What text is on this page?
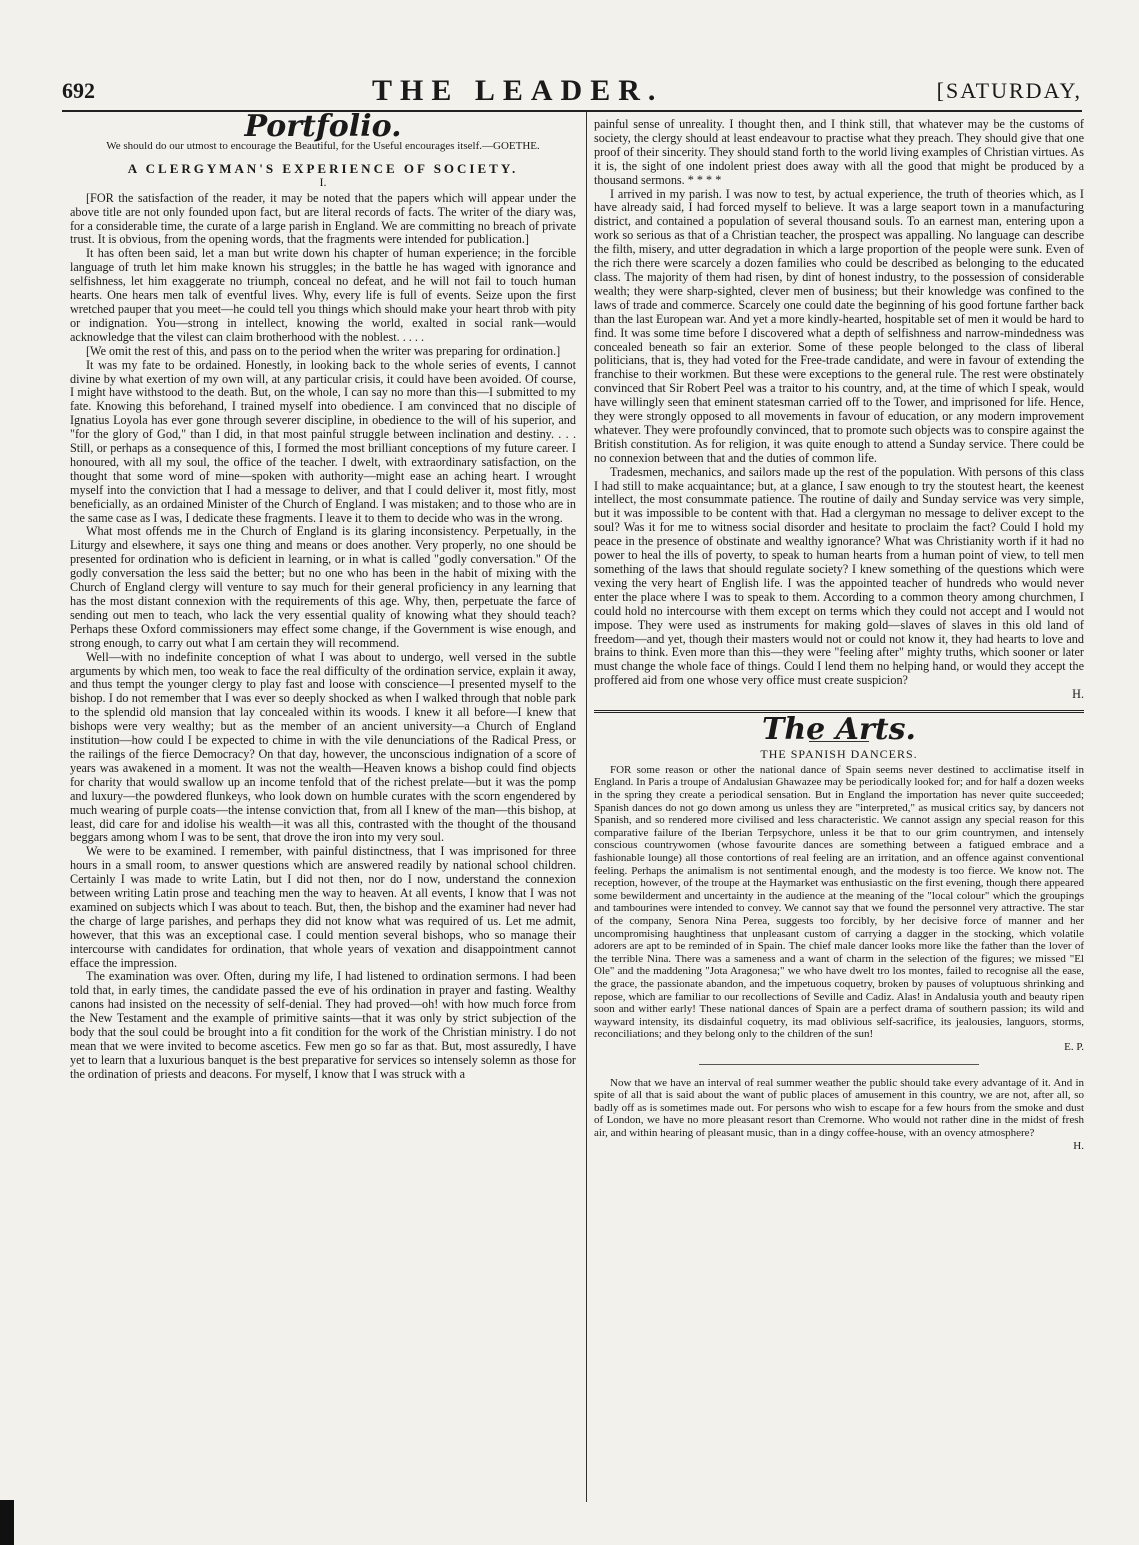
692	THE LEADER.	[SATURDAY,
Portfolio.
We should do our utmost to encourage the Beautiful, for the Useful encourages itself.—GOETHE.
A CLERGYMAN'S EXPERIENCE OF SOCIETY.
I.

[FOR the satisfaction of the reader, it may be noted that the papers which will appear under the above title are not only founded upon fact, but are literal records of facts. The writer of the diary was, for a considerable time, the curate of a large parish in England. We are committing no breach of private trust. It is obvious, from the opening words, that the fragments were intended for publication.]

It has often been said, let a man but write down his chapter of human experience; in the forcible language of truth let him make known his struggles; in the battle he has waged with ignorance and selfishness, let him exaggerate no triumph, conceal no defeat, and he will not fail to touch human hearts. One hears men talk of eventful lives. Why, every life is full of events. Seize upon the first wretched pauper that you meet—he could tell you things which should make your heart throb with pity or indignation. You—strong in intellect, knowing the world, exalted in social rank—would acknowledge that the vilest can claim brotherhood with the noblest. . . . .

[We omit the rest of this, and pass on to the period when the writer was preparing for ordination.]

It was my fate to be ordained. Honestly, in looking back to the whole series of events, I cannot divine by what exertion of my own will, at any particular crisis, it could have been avoided. Of course, I might have withstood to the death. But, on the whole, I can say no more than this—I submitted to my fate. Knowing this beforehand, I trained myself into obedience. I am convinced that no disciple of Ignatius Loyola has ever gone through severer discipline, in obedience to the will of his superior, and "for the glory of God," than I did, in that most painful struggle between inclination and destiny. . . . Still, or perhaps as a consequence of this, I formed the most brilliant conceptions of my future career. I honoured, with all my soul, the office of the teacher. I dwelt, with extraordinary satisfaction, on the thought that some word of mine—spoken with authority—might ease an aching heart. I wrought myself into the conviction that I had a message to deliver, and that I could deliver it, most fitly, most beneficially, as an ordained Minister of the Church of England. I was mistaken; and to those who are in the same case as I was, I dedicate these fragments. I leave it to them to decide who was in the wrong.

What most offends me in the Church of England is its glaring inconsistency. Perpetually, in the Liturgy and elsewhere, it says one thing and means or does another. Very properly, no one should be presented for ordination who is deficient in learning, or in what is called "godly conversation." Of the godly conversation the less said the better; but no one who has been in the habit of mixing with the Church of England clergy will venture to say much for their general proficiency in any learning that has the most distant connexion with the requirements of this age. Why, then, perpetuate the farce of sending out men to teach, who lack the very essential quality of knowing what they should teach? Perhaps these Oxford commissioners may effect some change, if the Government is wise enough, and strong enough, to carry out what I am certain they will recommend.

Well—with no indefinite conception of what I was about to undergo, well versed in the subtle arguments by which men, too weak to face the real difficulty of the ordination service, explain it away, and thus tempt the younger clergy to play fast and loose with conscience—I presented myself to the bishop. I do not remember that I was ever so deeply shocked as when I walked through that noble park to the splendid old mansion that lay concealed within its woods. I knew it all before—I knew that bishops were very wealthy; but as the member of an ancient university—a Church of England institution—how could I be expected to chime in with the vile denunciations of the Radical Press, or the railings of the fierce Democracy? On that day, however, the unconscious indignation of a score of years was awakened in a moment. It was not the wealth—Heaven knows a bishop could find objects for charity that would swallow up an income tenfold that of the richest prelate—but it was the pomp and luxury—the powdered flunkeys, who look down on humble curates with the scorn engendered by much wearing of purple coats—the intense conviction that, from all I knew of the man—this bishop, at least, did care for and idolise his wealth—it was all this, contrasted with the thought of the thousand beggars among whom I was to be sent, that drove the iron into my very soul.

We were to be examined. I remember, with painful distinctness, that I was imprisoned for three hours in a small room, to answer questions which are answered readily by national school children. Certainly I was made to write Latin, but I did not then, nor do I now, understand the connexion between writing Latin prose and teaching men the way to heaven. At all events, I know that I was not examined on subjects which I was about to teach. But, then, the bishop and the examiner had never had the charge of large parishes, and perhaps they did not know what was required of us. Let me admit, however, that this was an exceptional case. I could mention several bishops, who so manage their intercourse with candidates for ordination, that whole years of vexation and disappointment cannot efface the impression.

The examination was over. Often, during my life, I had listened to ordination sermons. I had been told that, in early times, the candidate passed the eve of his ordination in prayer and fasting. Wealthy canons had insisted on the necessity of self-denial. They had proved—oh! with how much force from the New Testament and the example of primitive saints—that it was only by strict subjection of the body that the soul could be brought into a fit condition for the work of the Christian ministry. I do not mean that we were invited to become ascetics. Few men go so far as that. But, most assuredly, I have yet to learn that a luxurious banquet is the best preparative for services so intensely solemn as those for the ordination of priests and deacons. For myself, I know that I was struck with a

painful sense of unreality. I thought then, and I think still, that whatever may be the customs of society, the clergy should at least endeavour to practise what they preach. They should give that one proof of their sincerity. They should stand forth to the world living examples of Christian virtues. As it is, the sight of one indolent priest does away with all the good that might be produced by a thousand sermons. * * * *

I arrived in my parish. I was now to test, by actual experience, the truth of theories which, as I have already said, I had forced myself to believe. It was a large seaport town in a manufacturing district, and contained a population of several thousand souls. To an earnest man, entering upon a work so serious as that of a Christian teacher, the prospect was appalling. No language can describe the filth, misery, and utter degradation in which a large proportion of the people were sunk. Even of the rich there were scarcely a dozen families who could be described as belonging to the educated class. The majority of them had risen, by dint of honest industry, to the possession of considerable wealth; they were sharp-sighted, clever men of business; but their knowledge was confined to the laws of trade and commerce. Scarcely one could date the beginning of his good fortune farther back than the last European war. And yet a more kindly-hearted, hospitable set of men it would be hard to find. It was some time before I discovered what a depth of selfishness and narrow-mindedness was concealed beneath so fair an exterior. Some of these people belonged to the class of liberal politicians, that is, they had voted for the Free-trade candidate, and were in favour of extending the franchise to their workmen. But these were exceptions to the general rule. The rest were obstinately convinced that Sir Robert Peel was a traitor to his country, and, at the time of which I speak, would have willingly seen that eminent statesman carried off to the Tower, and imprisoned for life. Hence, they were strongly opposed to all movements in favour of education, or any modern improvement whatever. They were profoundly convinced, that to promote such objects was to conspire against the British constitution. As for religion, it was quite enough to attend a Sunday service. There could be no connexion between that and the duties of common life.

Tradesmen, mechanics, and sailors made up the rest of the population. With persons of this class I had still to make acquaintance; but, at a glance, I saw enough to try the stoutest heart, the keenest intellect, the most consummate patience. The routine of daily and Sunday service was very simple, but it was impossible to be content with that. Had a clergyman no message to deliver except to the soul? Was it for me to witness social disorder and hesitate to proclaim the fact? Could I hold my peace in the presence of obstinate and wealthy ignorance? What was Christianity worth if it had no power to heal the ills of poverty, to speak to human hearts from a human point of view, to tell men something of the laws that should regulate society? I knew something of the questions which were vexing the very heart of English life. I was the appointed teacher of hundreds who would never enter the place where I was to speak to them. According to a common theory among churchmen, I could hold no intercourse with them except on terms which they could not accept and I would not impose. They were used as instruments for making gold—slaves of slaves in this old land of freedom—and yet, though their masters would not or could not know it, they had hearts to love and brains to think. Even more than this—they were "feeling after" mighty truths, which sooner or later must change the whole face of things. Could I lend them no helping hand, or would they accept the proffered aid from one whose very office must create suspicion?

H.
The Arts.
THE SPANISH DANCERS.

FOR some reason or other the national dance of Spain seems never destined to acclimatise itself in England. In Paris a troupe of Andalusian Ghawazee may be periodically looked for; and for half a dozen weeks in the spring they create a periodical sensation. But in England the importation has never quite succeeded; Spanish dances do not go down among us unless they are "interpreted," as musical critics say, by dancers not Spanish, and so rendered more civilised and less characteristic. We cannot assign any special reason for this comparative failure of the Iberian Terpsychore, unless it be that to our grim countrymen, and intensely conscious countrywomen (whose favourite dances are something between a fatigued embrace and a fashionable lounge) all those contortions of real feeling are an irritation, and an offence against conventional feeling. Perhaps the animalism is not sentimental enough, and the modesty is too fierce. We know not. The reception, however, of the troupe at the Haymarket was enthusiastic on the first evening, though there appeared some bewilderment and uncertainty in the audience at the meaning of the "local colour" which the groupings and tambourines were intended to convey. We cannot say that we found the personnel very attractive. The star of the company, Senora Nina Perea, suggests too forcibly, by her decisive force of manner and her uncompromising haughtiness that unpleasant custom of carrying a dagger in the stocking, which volatile adorers are apt to be reminded of in Spain. The chief male dancer looks more like the father than the lover of the terrible Nina. There was a sameness and a want of charm in the selection of the figures; we missed "El Ole" and the maddening "Jota Aragonesa;" we who have dwelt tro los montes, failed to recognise all the ease, the grace, the passionate abandon, and the impetuous coquetry, broken by pauses of voluptuous shrinking and repose, which are familiar to our recollections of Seville and Cadiz. Alas! in Andalusia youth and beauty ripen soon and wither early! These national dances of Spain are a perfect drama of southern passion; its wild and wayward intensity, its disdainful coquetry, its mad oblivious self-sacrifice, its jealousies, languors, storms, reconciliations; and they belong only to the children of the sun!

E. P.

Now that we have an interval of real summer weather the public should take every advantage of it. And in spite of all that is said about the want of public places of amusement in this country, we are not, after all, so badly off as is sometimes made out. For persons who wish to escape for a few hours from the smoke and dust of London, we have no more pleasant resort than Cremorne. Who would not rather dine in the midst of fresh air, and within hearing of pleasant music, than in a dingy coffee-house, with an ovency atmosphere?

H.
